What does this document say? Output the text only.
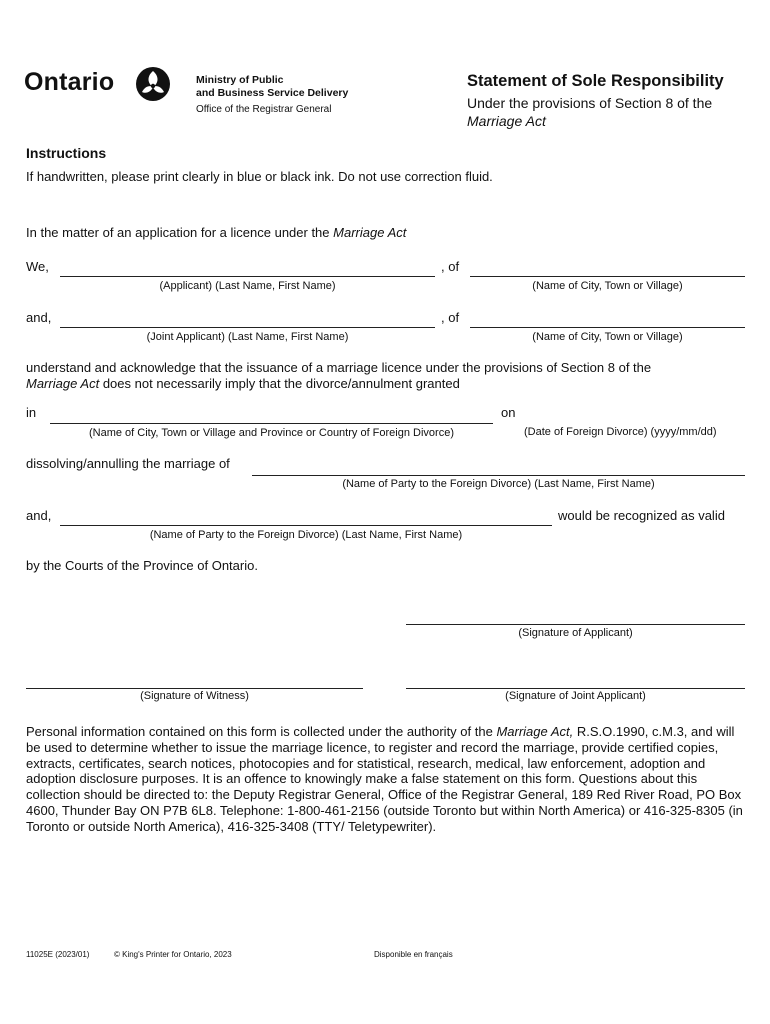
Ontario	Ministry of Public
and Business Service Delivery
Office of the Registrar General
Statement of Sole Responsibility
Under the provisions of Section 8 of the
Marriage Act
Instructions
If handwritten, please print clearly in blue or black ink. Do not use correction fluid.
In the matter of an application for a licence under the Marriage Act
We,	, of
(Applicant) (Last Name, First Name)	(Name of City, Town or Village)
and,	, of
(Joint Applicant) (Last Name, First Name)	(Name of City, Town or Village)
understand and acknowledge that the issuance of a marriage licence under the provisions of Section 8 of the
Marriage Act does not necessarily imply that the divorce/annulment granted
in	on
(Name of City, Town or Village and Province or Country of Foreign Divorce)	(Date of Foreign Divorce) (yyyy/mm/dd)
dissolving/annulling the marriage of
(Name of Party to the Foreign Divorce) (Last Name, First Name)
and,	would be recognized as valid
(Name of Party to the Foreign Divorce) (Last Name, First Name)
by the Courts of the Province of Ontario.
(Signature of Applicant)
(Signature of Witness)	(Signature of Joint Applicant)
Personal information contained on this form is collected under the authority of the Marriage Act, R.S.O.1990, c.M.3, and will be used to determine whether to issue the marriage licence, to register and record the marriage, provide certified copies, extracts, certificates, search notices, photocopies and for statistical, research, medical, law enforcement, adoption and adoption disclosure purposes. It is an offence to knowingly make a false statement on this form. Questions about this collection should be directed to: the Deputy Registrar General, Office of the Registrar General, 189 Red River Road, PO Box 4600, Thunder Bay ON P7B 6L8. Telephone: 1-800-461-2156 (outside Toronto but within North America) or 416-325-8305 (in Toronto or outside North America), 416-325-3408 (TTY/ Teletypewriter).
11025E (2023/01)	© King's Printer for Ontario, 2023	Disponible en français
